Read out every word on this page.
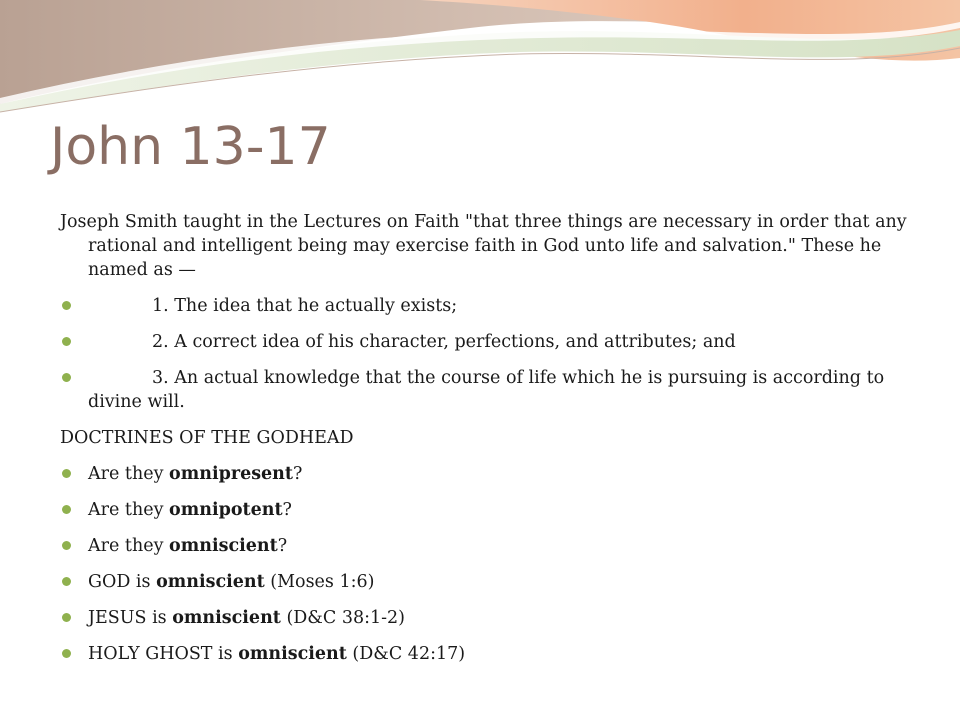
John 13-17
Joseph Smith taught in the Lectures on Faith "that three things are necessary in order that any rational and intelligent being may exercise faith in God unto life and salvation." These he named as —
1. The idea that he actually exists;
2. A correct idea of his character, perfections, and attributes; and
3. An actual knowledge that the course of life which he is pursuing is according to divine will.
DOCTRINES OF THE GODHEAD
Are they omnipresent?
Are they omnipotent?
Are they omniscient?
GOD is omniscient (Moses 1:6)
JESUS is omniscient (D&C 38:1-2)
HOLY GHOST is omniscient (D&C 42:17)
